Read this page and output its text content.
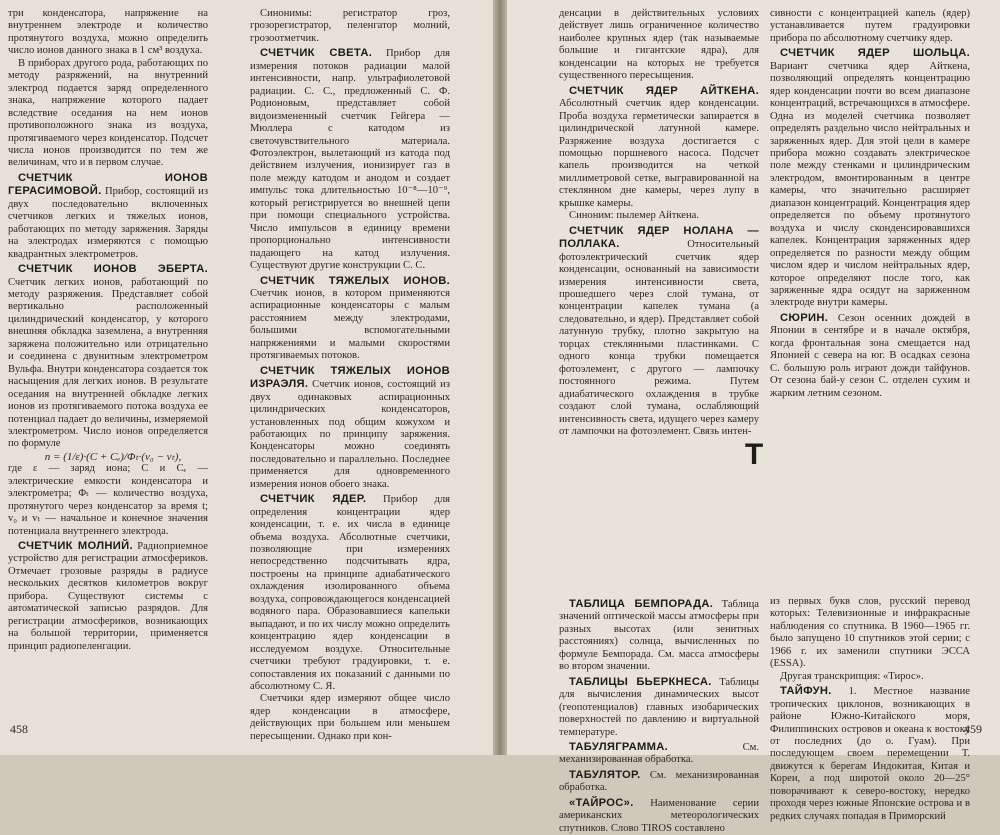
три конденсатора, напряжение на внутреннем электроде и количество протянутого воздуха, можно определить число ионов данного знака в 1 см³ воздуха.

В приборах другого рода, работающих по методу разряжений, на внутренний электрод подается заряд определенного знака, напряжение которого падает вследствие оседания на нем ионов противоположного знака из воздуха, протягиваемого через конденсатор. Подсчет числа ионов производится по тем же величинам, что и в первом случае.

СЧЕТЧИК ИОНОВ ГЕРАСИМОВОЙ. Прибор, состоящий из двух последовательно включенных счетчиков легких и тяжелых ионов, работающих по методу заряжения. Заряды на электродах измеряются с помощью квадрантных электрометров.

СЧЕТЧИК ИОНОВ ЭБЕРТА. Счетчик легких ионов, работающий по методу разряжения. Представляет собой вертикально расположенный цилиндрический конденсатор, у которого внешняя обкладка заземлена, а внутренняя заряжена положительно или отрицательно и соединена с двунитным электрометром Вульфа. Внутри конденсатора создается ток насыщения для легких ионов. В результате оседания на внутренней обкладке легких ионов из протягиваемого потока воздуха ее потенциал падает до величины, измеряемой электрометром. Число ионов определяется по формуле

n = (1/ε)·(C + Cₑ)/Φₜ·(v₀ − vₜ),

где ε — заряд иона; C и Cₑ — электрические емкости конденсатора и электрометра; Φₜ — количество воздуха, протянутого через конденсатор за время t; v₀ и vₜ — начальное и конечное значения потенциала внутреннего электрода.

СЧЕТЧИК МОЛНИЙ. Радиоприемное устройство для регистрации атмосфериков. Отмечает грозовые разряды в радиусе нескольких десятков километров вокруг прибора. Существуют системы с автоматической записью разрядов. Для регистрации атмосфериков, возникающих на большой территории, применяется принцип радиопеленгации.

Синонимы: регистратор гроз, грозорегистратор, пеленгатор молний, грозоотметчик.

СЧЕТЧИК СВЕТА. Прибор для измерения потоков радиации малой интенсивности, напр. ультрафиолетовой радиации. С. С., предложенный С. Ф. Родионовым, представляет собой видоизмененный счетчик Гейгера — Мюллера с катодом из светочувствительного материала. Фотоэлектрон, вылетающий из катода под действием излучения, ионизирует газ в поле между катодом и анодом и создает импульс тока длительностью 10⁻⁸—10⁻⁹, который регистрируется во внешней цепи при помощи специального устройства. Число импульсов в единицу времени пропорционально интенсивности падающего на катод излучения. Существуют другие конструкции С. С.

СЧЕТЧИК ТЯЖЕЛЫХ ИОНОВ. Счетчик ионов, в котором применяются аспирационные конденсаторы с малым расстоянием между электродами, большими вспомогательными напряжениями и малыми скоростями протягиваемых потоков.

СЧЕТЧИК ТЯЖЕЛЫХ ИОНОВ ИЗРАЭЛЯ. Счетчик ионов, состоящий из двух одинаковых аспирационных цилиндрических конденсаторов, установленных под общим кожухом и работающих по принципу заряжения. Конденсаторы можно соединять последовательно и параллельно. Последнее применяется для одновременного измерения ионов обоего знака.

СЧЕТЧИК ЯДЕР. Прибор для определения концентрации ядер конденсации, т. е. их числа в единице объема воздуха. Абсолютные счетчики, позволяющие при измерениях непосредственно подсчитывать ядра, построены на принципе адиабатического охлаждения изолированного объема воздуха, сопровождающегося конденсацией водяного пара. Образовавшиеся капельки выпадают, и по их числу можно определить концентрацию ядер конденсации в исследуемом воздухе. Относительные счетчики требуют градуировки, т. е. сопоставления их показаний с данными по абсолютному С. Я.

Счетчики ядер измеряют общее число ядер конденсации в атмосфере, действующих при большем или меньшем пересыщении. Однако при кон-

458

денсации в действительных условиях действует лишь ограниченное количество наиболее крупных ядер (так называемые большие и гигантские ядра), для конденсации на которых не требуется существенного пересыщения.

СЧЕТЧИК ЯДЕР АЙТКЕНА. Абсолютный счетчик ядер конденсации. Проба воздуха герметически запирается в цилиндрической латунной камере. Разряжение воздуха достигается с помощью поршневого насоса. Подсчет капель производится на четкой миллиметровой сетке, выгравированной на стеклянном дне камеры, через лупу в крышке камеры.

Синоним: пылемер Айткена.

СЧЕТЧИК ЯДЕР НОЛАНА — ПОЛЛАКА. Относительный фотоэлектрический счетчик ядер конденсации, основанный на зависимости измерения интенсивности света, прошедшего через слой тумана, от концентрации капелек тумана (а следовательно, и ядер). Представляет собой латунную трубку, плотно закрытую на торцах стеклянными пластинками. С одного конца трубки помещается фотоэлемент, с другого — лампочку постоянного режима. Путем адиабатического охлаждения в трубке создают слой тумана, ослабляющий интенсивность света, идущего через камеру от лампочки на фотоэлемент. Связь интен-

сивности с концентрацией капель (ядер) устанавливается путем градуировки прибора по абсолютному счетчику ядер.

СЧЕТЧИК ЯДЕР ШОЛЬЦА. Вариант счетчика ядер Айткена, позволяющий определять концентрацию ядер конденсации почти во всем диапазоне концентраций, встречающихся в атмосфере. Одна из моделей счетчика позволяет определять раздельно число нейтральных и заряженных ядер. Для этой цели в камере прибора можно создавать электрическое поле между стенками и цилиндрическим электродом, вмонтированным в центре камеры, что значительно расширяет диапазон концентраций. Концентрация ядер определяется по объему протянутого воздуха и числу сконденсировавшихся капелек. Концентрация заряженных ядер определяется по разности между общим числом ядер и числом нейтральных ядер, которое определяют после того, как заряженные ядра осядут на заряженном электроде внутри камеры.

СЮРИН. Сезон осенних дождей в Японии в сентябре и в начале октября, когда фронтальная зона смещается над Японией с севера на юг. В осадках сезона С. большую роль играют дожди тайфунов. От сезона бай-у сезон С. отделен сухим и жарким летним сезоном.

Т

ТАБЛИЦА БЕМПОРАДА. Таблица значений оптической массы атмосферы при разных высотах (или зенитных расстояниях) солнца, вычисленных по формуле Бемпорада. См. масса атмосферы во втором значении.

ТАБЛИЦЫ БЬЕРКНЕСА. Таблицы для вычисления динамических высот (геопотенциалов) главных изобарических поверхностей по давлению и виртуальной температуре.

ТАБУЛЯГРАММА. См. механизированная обработка.

ТАБУЛЯТОР. См. механизированная обработка.

«ТАЙРОС». Наименование серии американских метеорологических спутников. Слово TIROS составлено

из первых букв слов, русский перевод которых: Телевизионные и инфракрасные наблюдения со спутника. В 1960—1965 гг. было запущено 10 спутников этой серии; с 1966 г. их заменили спутники ЭССА (ESSA).

Другая транскрипция: «Тирос».

ТАЙФУН. 1. Местное название тропических циклонов, возникающих в районе Южно-Китайского моря, Филиппинских островов и океана к востоку от последних (до о. Гуам). При последующем своем перемещении Т. движутся к берегам Индокитая, Китая и Кореи, а под широтой около 20—25° поворачивают к северо-востоку, нередко проходя через южные Японские острова и в редких случаях попадая в Приморский

459
